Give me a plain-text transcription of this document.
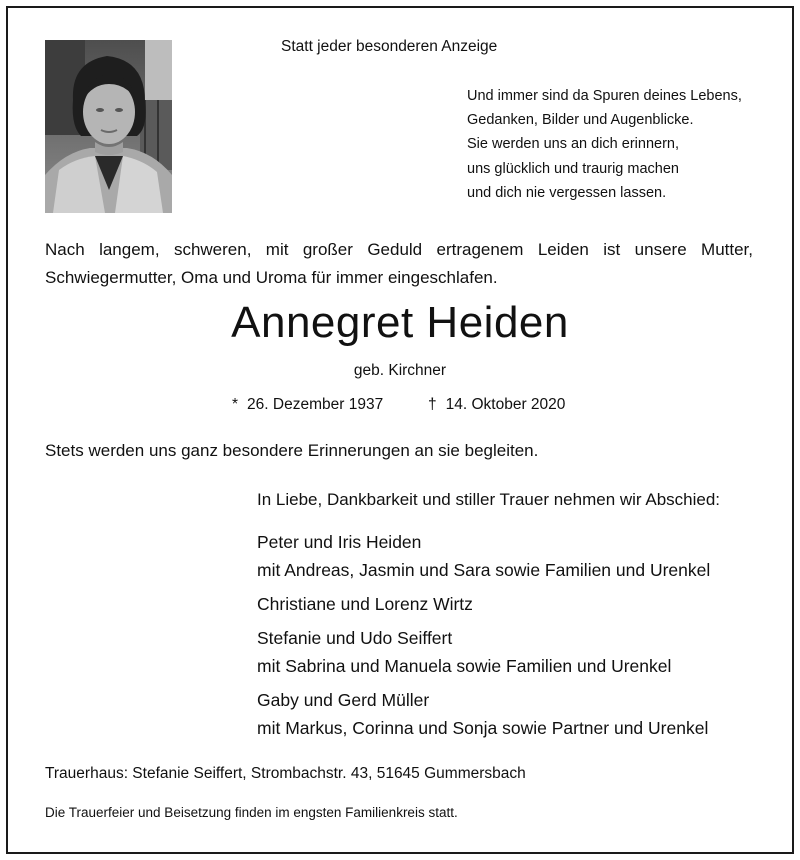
Statt jeder besonderen Anzeige
Und immer sind da Spuren deines Lebens,
Gedanken, Bilder und Augenblicke.
Sie werden uns an dich erinnern,
uns glücklich und traurig machen
und dich nie vergessen lassen.
Nach langem, schweren, mit großer Geduld ertragenem Leiden ist unsere Mutter, Schwiegermutter, Oma und Uroma für immer eingeschlafen.
Annegret Heiden
geb. Kirchner
* 26. Dezember 1937	† 14. Oktober 2020
Stets werden uns ganz besondere Erinnerungen an sie begleiten.
In Liebe, Dankbarkeit und stiller Trauer nehmen wir Abschied:
Peter und Iris Heiden
mit Andreas, Jasmin und Sara sowie Familien und Urenkel
Christiane und Lorenz Wirtz
Stefanie und Udo Seiffert
mit Sabrina und Manuela sowie Familien und Urenkel
Gaby und Gerd Müller
mit Markus, Corinna und Sonja sowie Partner und Urenkel
Trauerhaus: Stefanie Seiffert, Strombachstr. 43, 51645 Gummersbach
Die Trauerfeier und Beisetzung finden im engsten Familienkreis statt.
